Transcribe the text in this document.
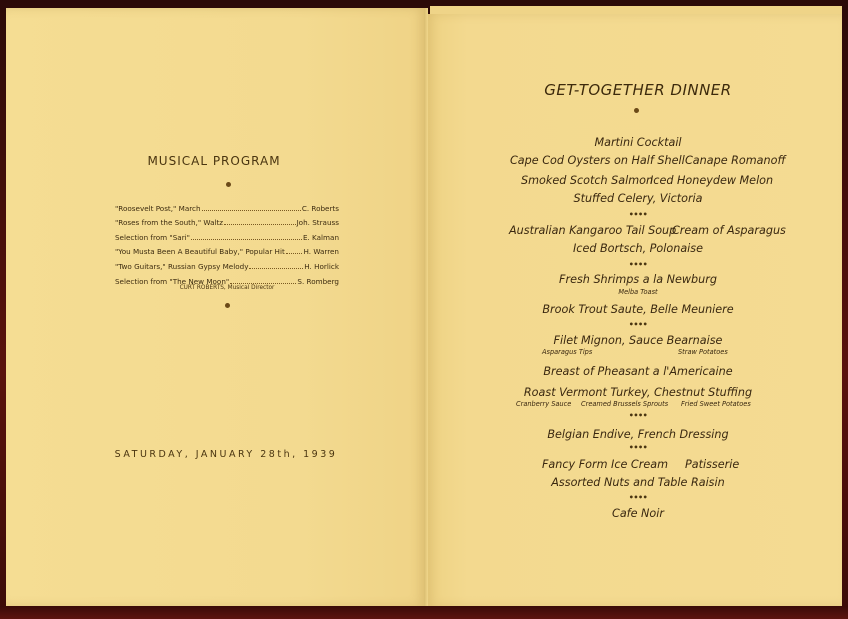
MUSICAL PROGRAM
"Roosevelt Post," March	C. Roberts
"Roses from the South," Waltz	Joh. Strauss
Selection from "Sari"	E. Kalman
"You Musta Been A Beautiful Baby," Popular Hit	H. Warren
"Two Guitars," Russian Gypsy Melody	H. Horlick
Selection from "The New Moon"	S. Romberg
CURT ROBERTS, Musical Director
SATURDAY, JANUARY 28th, 1939
GET-TOGETHER DINNER
Martini Cocktail
Cape Cod Oysters on Half Shell Canape Romanoff
Smoked Scotch Salmon
Iced Honeydew Melon
Stuffed Celery, Victoria
••••
Australian Kangaroo Tail Soup
Cream of Asparagus
Iced Bortsch, Polonaise
••••
Fresh Shrimps a la Newburg
Melba Toast
Brook Trout Saute, Belle Meuniere
••••
Filet Mignon, Sauce Bearnaise
Asparagus Tips	Straw Potatoes
Breast of Pheasant a l'Americaine
Roast Vermont Turkey, Chestnut Stuffing
Cranberry Sauce Creamed Brussels Sprouts Fried Sweet Potatoes
••••
Belgian Endive, French Dressing
••••
Fancy Form Ice Cream Patisserie
Assorted Nuts and Table Raisin
••••
Cafe Noir
